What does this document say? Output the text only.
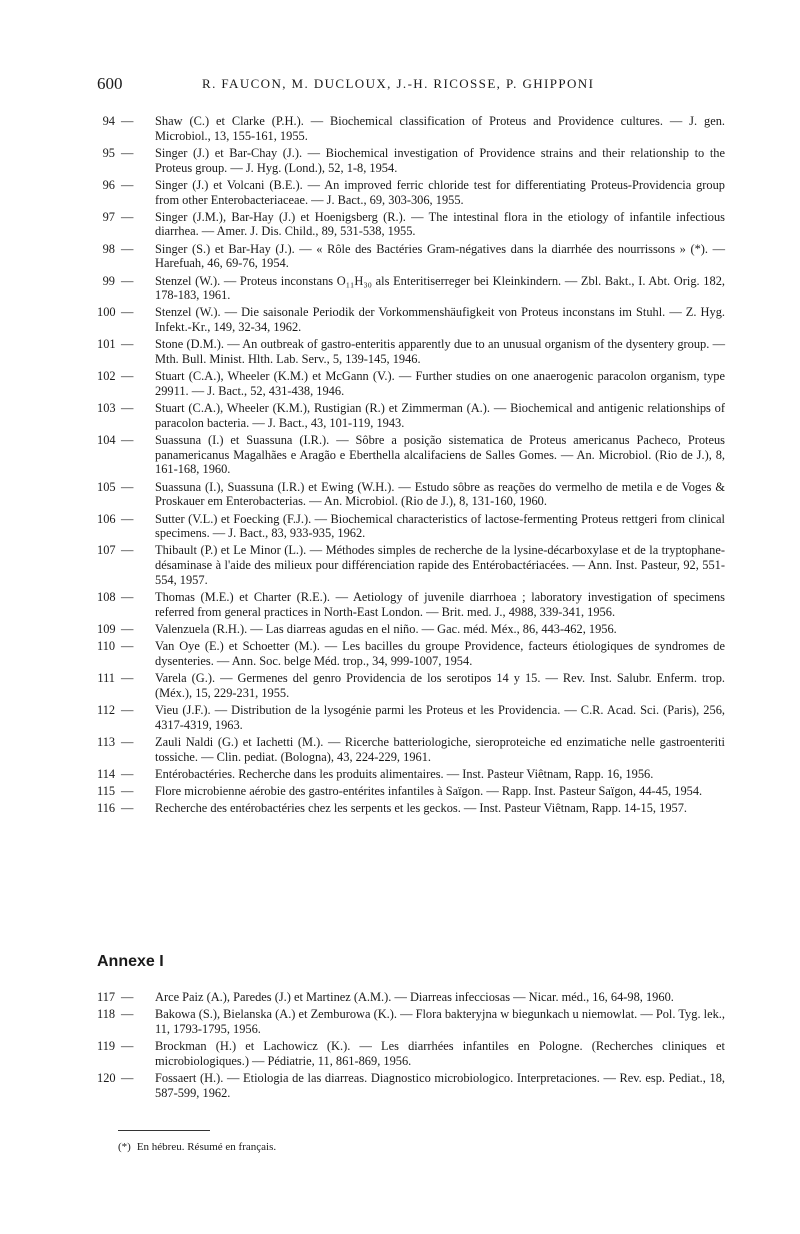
600	R. FAUCON, M. DUCLOUX, J.-H. RICOSSE, P. GHIPPONI
94 — Shaw (C.) et Clarke (P.H.). — Biochemical classification of Proteus and Providence cultures. — J. gen. Microbiol., 13, 155-161, 1955.
95 — Singer (J.) et Bar-Chay (J.). — Biochemical investigation of Providence strains and their relationship to the Proteus group. — J. Hyg. (Lond.), 52, 1-8, 1954.
96 — Singer (J.) et Volcani (B.E.). — An improved ferric chloride test for differentiating Proteus-Providencia group from other Enterobacteriaceae. — J. Bact., 69, 303-306, 1955.
97 — Singer (J.M.), Bar-Hay (J.) et Hoenigsberg (R.). — The intestinal flora in the etiology of infantile infectious diarrhea. — Amer. J. Dis. Child., 89, 531-538, 1955.
98 — Singer (S.) et Bar-Hay (J.). — « Rôle des Bactéries Gram-négatives dans la diarrhée des nourrissons » (*). — Harefuah, 46, 69-76, 1954.
99 — Stenzel (W.). — Proteus inconstans O₁₁H₃₀ als Enteritiserreger bei Kleinkindern. — Zbl. Bakt., I. Abt. Orig. 182, 178-183, 1961.
100 — Stenzel (W.). — Die saisonale Periodik der Vorkommenshäufigkeit von Proteus inconstans im Stuhl. — Z. Hyg. Infekt.-Kr., 149, 32-34, 1962.
101 — Stone (D.M.). — An outbreak of gastro-enteritis apparently due to an unusual organism of the dysentery group. — Mth. Bull. Minist. Hlth. Lab. Serv., 5, 139-145, 1946.
102 — Stuart (C.A.), Wheeler (K.M.) et McGann (V.). — Further studies on one anaerogenic paracolon organism, type 29911. — J. Bact., 52, 431-438, 1946.
103 — Stuart (C.A.), Wheeler (K.M.), Rustigian (R.) et Zimmerman (A.). — Biochemical and antigenic relationships of paracolon bacteria. — J. Bact., 43, 101-119, 1943.
104 — Suassuna (I.) et Suassuna (I.R.). — Sôbre a posição sistematica de Proteus americanus Pacheco, Proteus panamericanus Magalhães e Aragão e Eberthella alcalifaciens de Salles Gomes. — An. Microbiol. (Rio de J.), 8, 161-168, 1960.
105 — Suassuna (I.), Suassuna (I.R.) et Ewing (W.H.). — Estudo sôbre as reações do vermelho de metila e de Voges & Proskauer em Enterobacterias. — An. Microbiol. (Rio de J.), 8, 131-160, 1960.
106 — Sutter (V.L.) et Foecking (F.J.). — Biochemical characteristics of lactose-fermenting Proteus rettgeri from clinical specimens. — J. Bact., 83, 933-935, 1962.
107 — Thibault (P.) et Le Minor (L.). — Méthodes simples de recherche de la lysine-décarboxylase et de la tryptophane-désaminase à l'aide des milieux pour différenciation rapide des Entérobactériacées. — Ann. Inst. Pasteur, 92, 551-554, 1957.
108 — Thomas (M.E.) et Charter (R.E.). — Aetiology of juvenile diarrhoea ; laboratory investigation of specimens referred from general practices in North-East London. — Brit. med. J., 4988, 339-341, 1956.
109 — Valenzuela (R.H.). — Las diarreas agudas en el niño. — Gac. méd. Méx., 86, 443-462, 1956.
110 — Van Oye (E.) et Schoetter (M.). — Les bacilles du groupe Providence, facteurs étiologiques de syndromes de dysenteries. — Ann. Soc. belge Méd. trop., 34, 999-1007, 1954.
111 — Varela (G.). — Germenes del genro Providencia de los serotipos 14 y 15. — Rev. Inst. Salubr. Enferm. trop. (Méx.), 15, 229-231, 1955.
112 — Vieu (J.F.). — Distribution de la lysogénie parmi les Proteus et les Providencia. — C.R. Acad. Sci. (Paris), 256, 4317-4319, 1963.
113 — Zauli Naldi (G.) et Iachetti (M.). — Ricerche batteriologiche, sieroproteiche ed enzimatiche nelle gastroenteriti tossiche. — Clin. pediat. (Bologna), 43, 224-229, 1961.
114 — Entérobactéries. Recherche dans les produits alimentaires. — Inst. Pasteur Viêtnam, Rapp. 16, 1956.
115 — Flore microbienne aérobie des gastro-entérites infantiles à Saïgon. — Rapp. Inst. Pasteur Saïgon, 44-45, 1954.
116 — Recherche des entérobactéries chez les serpents et les geckos. — Inst. Pasteur Viêtnam, Rapp. 14-15, 1957.
Annexe I
117 — Arce Paiz (A.), Paredes (J.) et Martinez (A.M.). — Diarreas infecciosas — Nicar. méd., 16, 64-98, 1960.
118 — Bakowa (S.), Bielanska (A.) et Zemburowa (K.). — Flora bakteryjna w biegunkach u niemowlat. — Pol. Tyg. lek., 11, 1793-1795, 1956.
119 — Brockman (H.) et Lachowicz (K.). — Les diarrhées infantiles en Pologne. (Recherches cliniques et microbiologiques.) — Pédiatrie, 11, 861-869, 1956.
120 — Fossaert (H.). — Etiologia de las diarreas. Diagnostico microbiologico. Interpretaciones. — Rev. esp. Pediat., 18, 587-599, 1962.
(*) En hébreu. Résumé en français.
